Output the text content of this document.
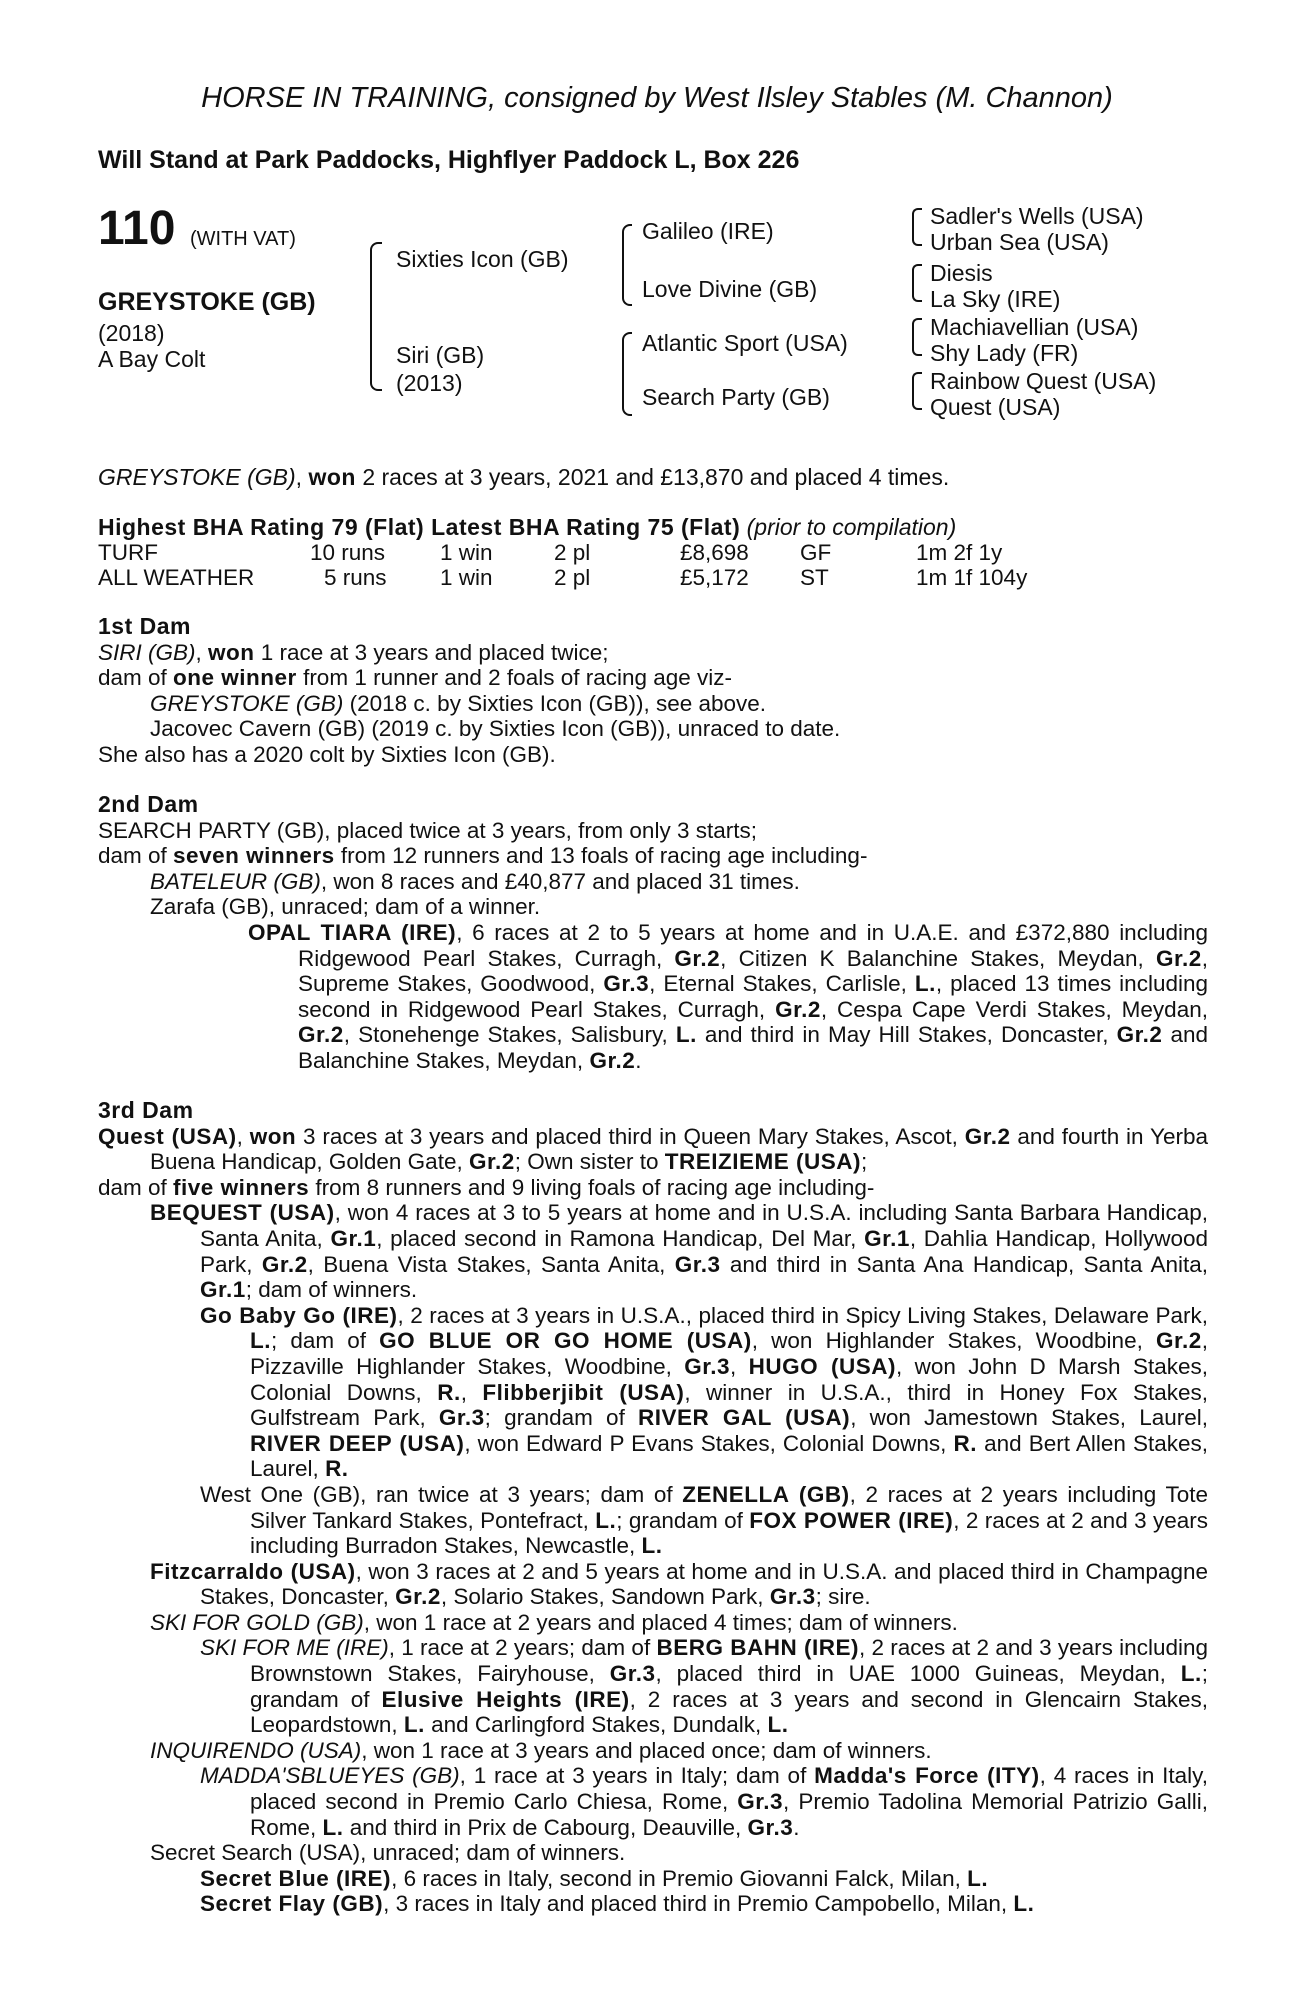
HORSE IN TRAINING, consigned by West Ilsley Stables (M. Channon)
Will Stand at Park Paddocks, Highflyer Paddock L, Box 226
110 (WITH VAT)
GREYSTOKE (GB)
(2018)
A Bay Colt
Sixties Icon (GB)
Siri (GB)
(2013)
Galileo (IRE)
Love Divine (GB)
Atlantic Sport (USA)
Search Party (GB)
Sadler's Wells (USA)
Urban Sea (USA)
Diesis
La Sky (IRE)
Machiavellian (USA)
Shy Lady (FR)
Rainbow Quest (USA)
Quest (USA)
GREYSTOKE (GB), won 2 races at 3 years, 2021 and £13,870 and placed 4 times.
Highest BHA Rating 79 (Flat) Latest BHA Rating 75 (Flat) (prior to compilation)
TURF	10 runs 1 win	2 pl	£8,698 GF	1m 2f 1y
ALL WEATHER	5 runs 1 win	2 pl	£5,172 ST	1m 1f 104y

1st Dam

SIRI (GB), won 1 race at 3 years and placed twice;

dam of one winner from 1 runner and 2 foals of racing age viz-

GREYSTOKE (GB) (2018 c. by Sixties Icon (GB)), see above.

Jacovec Cavern (GB) (2019 c. by Sixties Icon (GB)), unraced to date.

She also has a 2020 colt by Sixties Icon (GB).

2nd Dam

SEARCH PARTY (GB), placed twice at 3 years, from only 3 starts;

dam of seven winners from 12 runners and 13 foals of racing age including-

BATELEUR (GB), won 8 races and £40,877 and placed 31 times.

Zarafa (GB), unraced; dam of a winner.

OPAL TIARA (IRE), 6 races at 2 to 5 years at home and in U.A.E. and £372,880 including Ridgewood Pearl Stakes, Curragh, Gr.2, Citizen K Balanchine Stakes, Meydan, Gr.2, Supreme Stakes, Goodwood, Gr.3, Eternal Stakes, Carlisle, L., placed 13 times including second in Ridgewood Pearl Stakes, Curragh, Gr.2, Cespa Cape Verdi Stakes, Meydan, Gr.2, Stonehenge Stakes, Salisbury, L. and third in May Hill Stakes, Doncaster, Gr.2 and Balanchine Stakes, Meydan, Gr.2.

3rd Dam

Quest (USA), won 3 races at 3 years and placed third in Queen Mary Stakes, Ascot, Gr.2 and fourth in Yerba Buena Handicap, Golden Gate, Gr.2; Own sister to TREIZIEME (USA);

dam of five winners from 8 runners and 9 living foals of racing age including-

BEQUEST (USA), won 4 races at 3 to 5 years at home and in U.S.A. including Santa Barbara Handicap, Santa Anita, Gr.1, placed second in Ramona Handicap, Del Mar, Gr.1, Dahlia Handicap, Hollywood Park, Gr.2, Buena Vista Stakes, Santa Anita, Gr.3 and third in Santa Ana Handicap, Santa Anita, Gr.1; dam of winners.

Go Baby Go (IRE), 2 races at 3 years in U.S.A., placed third in Spicy Living Stakes, Delaware Park, L.; dam of GO BLUE OR GO HOME (USA), won Highlander Stakes, Woodbine, Gr.2, Pizzaville Highlander Stakes, Woodbine, Gr.3, HUGO (USA), won John D Marsh Stakes, Colonial Downs, R., Flibberjibit (USA), winner in U.S.A., third in Honey Fox Stakes, Gulfstream Park, Gr.3; grandam of RIVER GAL (USA), won Jamestown Stakes, Laurel, RIVER DEEP (USA), won Edward P Evans Stakes, Colonial Downs, R. and Bert Allen Stakes, Laurel, R.

West One (GB), ran twice at 3 years; dam of ZENELLA (GB), 2 races at 2 years including Tote Silver Tankard Stakes, Pontefract, L.; grandam of FOX POWER (IRE), 2 races at 2 and 3 years including Burradon Stakes, Newcastle, L.

Fitzcarraldo (USA), won 3 races at 2 and 5 years at home and in U.S.A. and placed third in Champagne Stakes, Doncaster, Gr.2, Solario Stakes, Sandown Park, Gr.3; sire.

SKI FOR GOLD (GB), won 1 race at 2 years and placed 4 times; dam of winners.

SKI FOR ME (IRE), 1 race at 2 years; dam of BERG BAHN (IRE), 2 races at 2 and 3 years including Brownstown Stakes, Fairyhouse, Gr.3, placed third in UAE 1000 Guineas, Meydan, L.; grandam of Elusive Heights (IRE), 2 races at 3 years and second in Glencairn Stakes, Leopardstown, L. and Carlingford Stakes, Dundalk, L.

INQUIRENDO (USA), won 1 race at 3 years and placed once; dam of winners.

MADDA'SBLUEYES (GB), 1 race at 3 years in Italy; dam of Madda's Force (ITY), 4 races in Italy, placed second in Premio Carlo Chiesa, Rome, Gr.3, Premio Tadolina Memorial Patrizio Galli, Rome, L. and third in Prix de Cabourg, Deauville, Gr.3.

Secret Search (USA), unraced; dam of winners.

Secret Blue (IRE), 6 races in Italy, second in Premio Giovanni Falck, Milan, L.

Secret Flay (GB), 3 races in Italy and placed third in Premio Campobello, Milan, L.
